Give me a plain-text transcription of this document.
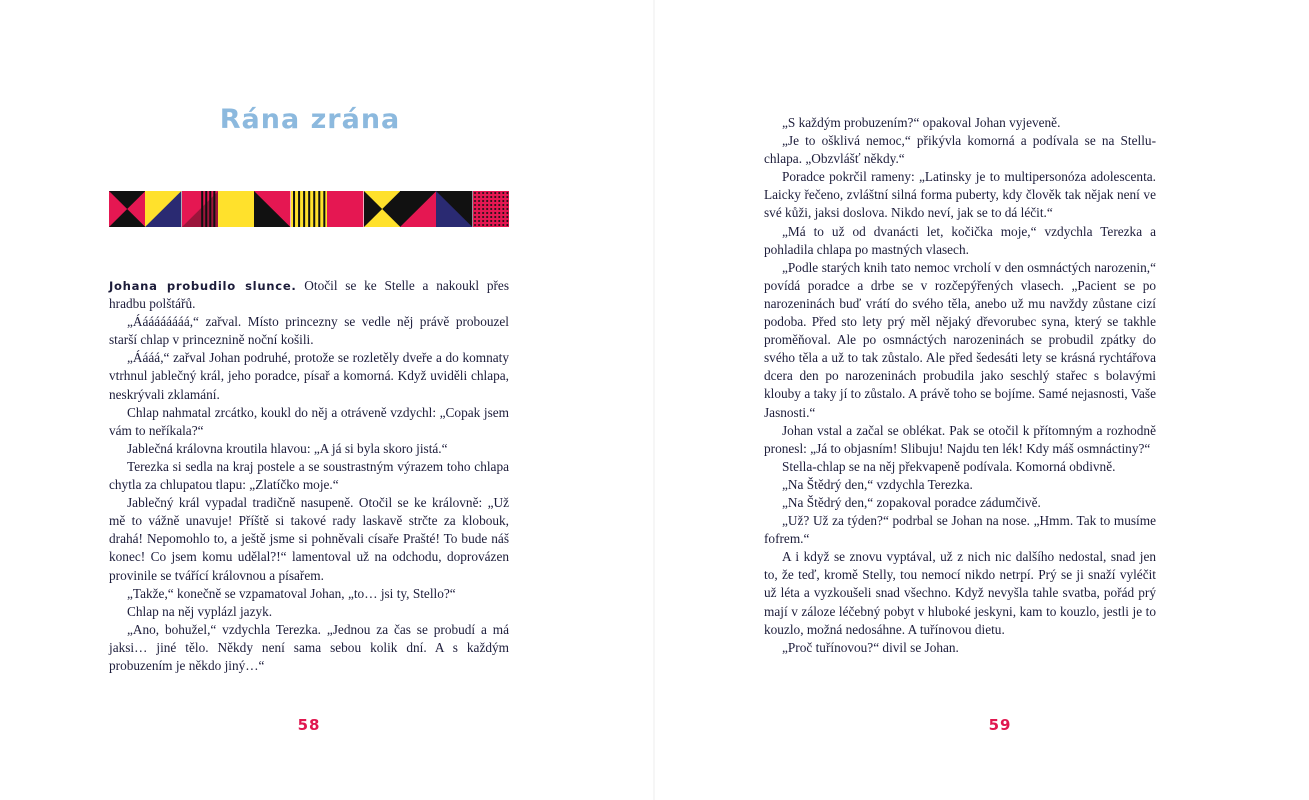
Rána zrána

Johana probudilo slunce. Otočil se ke Stelle a nakoukl přes hradbu polštářů.

„Ááááááááá,“ zařval. Místo princezny se vedle něj právě probouzel starší chlap v princeznině noční košili.

„Áááá,“ zařval Johan podruhé, protože se rozletěly dveře a do komnaty vtrhnul jablečný král, jeho poradce, písař a komorná. Když uviděli chlapa, neskrývali zklamání.

Chlap nahmatal zrcátko, koukl do něj a otráveně vzdychl: „Copak jsem vám to neříkala?“

Jablečná královna kroutila hlavou: „A já si byla skoro jistá.“

Terezka si sedla na kraj postele a se soustrastným výrazem toho chlapa chytla za chlupatou tlapu: „Zlatíčko moje.“

Jablečný král vypadal tradičně nasupeně. Otočil se ke královně: „Už mě to vážně unavuje! Příště si takové rady laskavě strčte za klobouk, drahá! Nepomohlo to, a ještě jsme si pohněvali císaře Prašté! To bude náš konec! Co jsem komu udělal?!“ lamentoval už na odchodu, doprovázen provinile se tvářící královnou a písařem.

„Takže,“ konečně se vzpamatoval Johan, „to… jsi ty, Stello?“

Chlap na něj vyplázl jazyk.

„Ano, bohužel,“ vzdychla Terezka. „Jednou za čas se probudí a má jaksi… jiné tělo. Někdy není sama sebou kolik dní. A s každým probuzením je někdo jiný…“

58

„S každým probuzením?“ opakoval Johan vyjeveně.

„Je to ošklivá nemoc,“ přikývla komorná a podívala se na Stellu-chlapa. „Obzvlášť někdy.“

Poradce pokrčil rameny: „Latinsky je to multipersonóza adolescenta. Laicky řečeno, zvláštní silná forma puberty, kdy člověk tak nějak není ve své kůži, jaksi doslova. Nikdo neví, jak se to dá léčit.“

„Má to už od dvanácti let, kočička moje,“ vzdychla Terezka a pohladila chlapa po mastných vlasech.

„Podle starých knih tato nemoc vrcholí v den osmnáctých narozenin,“ povídá poradce a drbe se v rozčepýřených vlasech. „Pacient se po narozeninách buď vrátí do svého těla, anebo už mu navždy zůstane cizí podoba. Před sto lety prý měl nějaký dřevorubec syna, který se takhle proměňoval. Ale po osmnáctých narozeninách se probudil zpátky do svého těla a už to tak zůstalo. Ale před šedesáti lety se krásná rychtářova dcera den po narozeninách probudila jako seschlý stařec s bolavými klouby a taky jí to zůstalo. A právě toho se bojíme. Samé nejasnosti, Vaše Jasnosti.“

Johan vstal a začal se oblékat. Pak se otočil k přítomným a rozhodně pronesl: „Já to objasním! Slibuju! Najdu ten lék! Kdy máš osmnáctiny?“

Stella-chlap se na něj překvapeně podívala. Komorná obdivně.

„Na Štědrý den,“ vzdychla Terezka.

„Na Štědrý den,“ zopakoval poradce zádumčivě.

„Už? Už za týden?“ podrbal se Johan na nose. „Hmm. Tak to musíme fofrem.“

A i když se znovu vyptával, už z nich nic dalšího nedostal, snad jen to, že teď, kromě Stelly, tou nemocí nikdo netrpí. Prý se ji snaží vyléčit už léta a vyzkoušeli snad všechno. Když nevyšla tahle svatba, pořád prý mají v záloze léčebný pobyt v hluboké jeskyni, kam to kouzlo, jestli je to kouzlo, možná nedosáhne. A tuřínovou dietu.

„Proč tuřínovou?“ divil se Johan.

59
